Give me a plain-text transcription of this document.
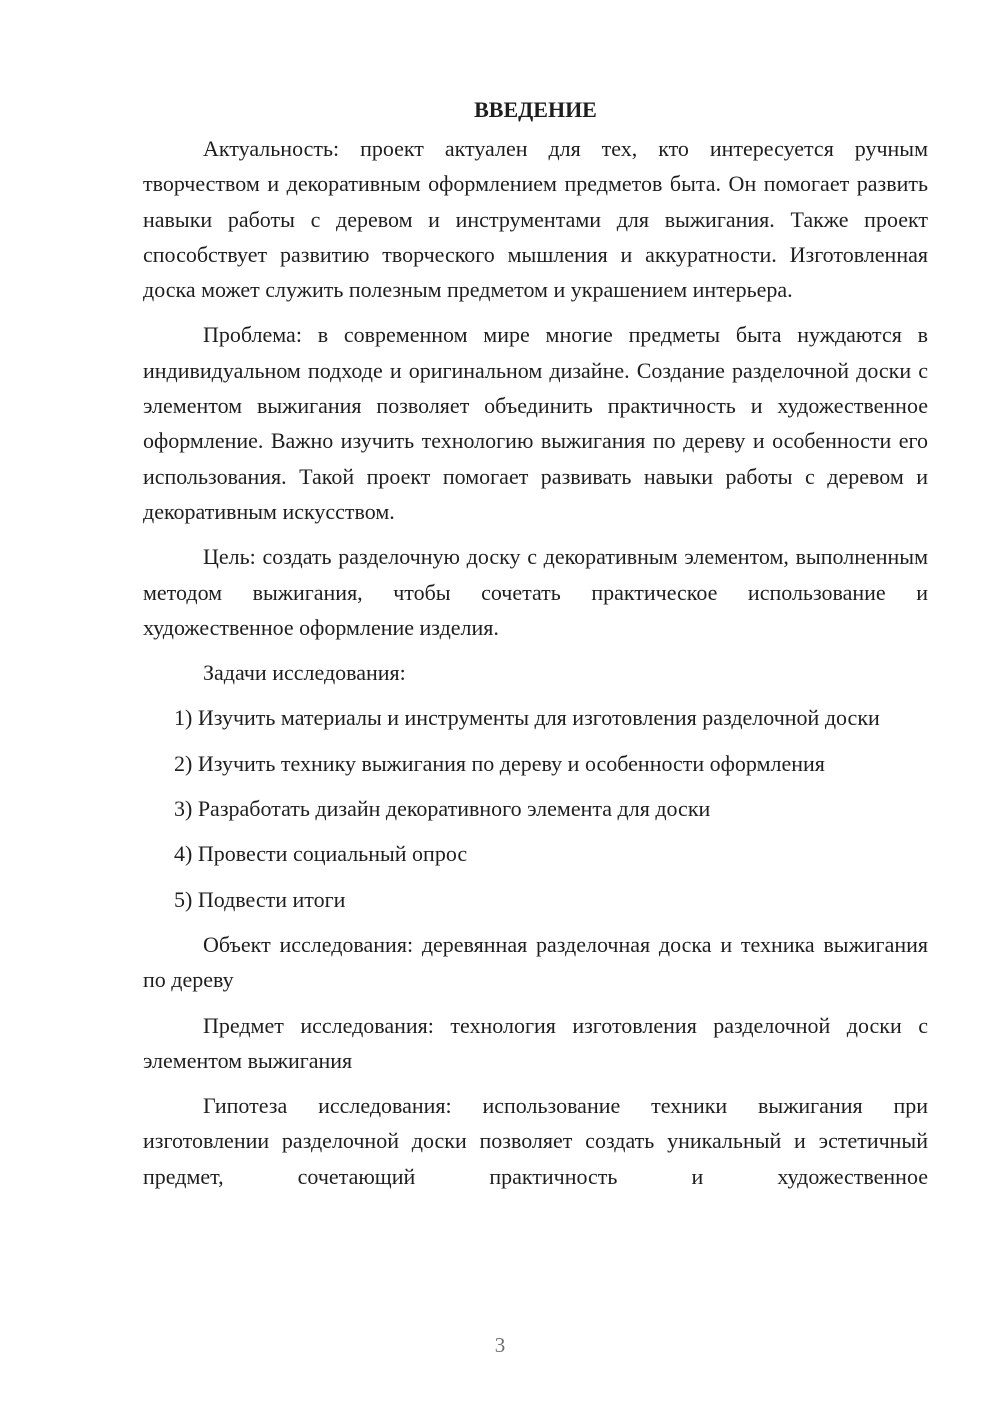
ВВЕДЕНИЕ

Актуальность: проект актуален для тех, кто интересуется ручным творчеством и декоративным оформлением предметов быта. Он помогает развить навыки работы с деревом и инструментами для выжигания. Также проект способствует развитию творческого мышления и аккуратности. Изготовленная доска может служить полезным предметом и украшением интерьера.

Проблема: в современном мире многие предметы быта нуждаются в индивидуальном подходе и оригинальном дизайне. Создание разделочной доски с элементом выжигания позволяет объединить практичность и художественное оформление. Важно изучить технологию выжигания по дереву и особенности его использования. Такой проект помогает развивать навыки работы с деревом и декоративным искусством.

Цель: создать разделочную доску с декоративным элементом, выполненным методом выжигания, чтобы сочетать практическое использование и художественное оформление изделия.

Задачи исследования:

1) Изучить материалы и инструменты для изготовления разделочной доски

2) Изучить технику выжигания по дереву и особенности оформления

3) Разработать дизайн декоративного элемента для доски

4) Провести социальный опрос

5) Подвести итоги

Объект исследования: деревянная разделочная доска и техника выжигания по дереву

Предмет исследования: технология изготовления разделочной доски с элементом выжигания

Гипотеза исследования: использование техники выжигания при изготовлении разделочной доски позволяет создать уникальный и эстетичный предмет, сочетающий практичность и художественное

3
